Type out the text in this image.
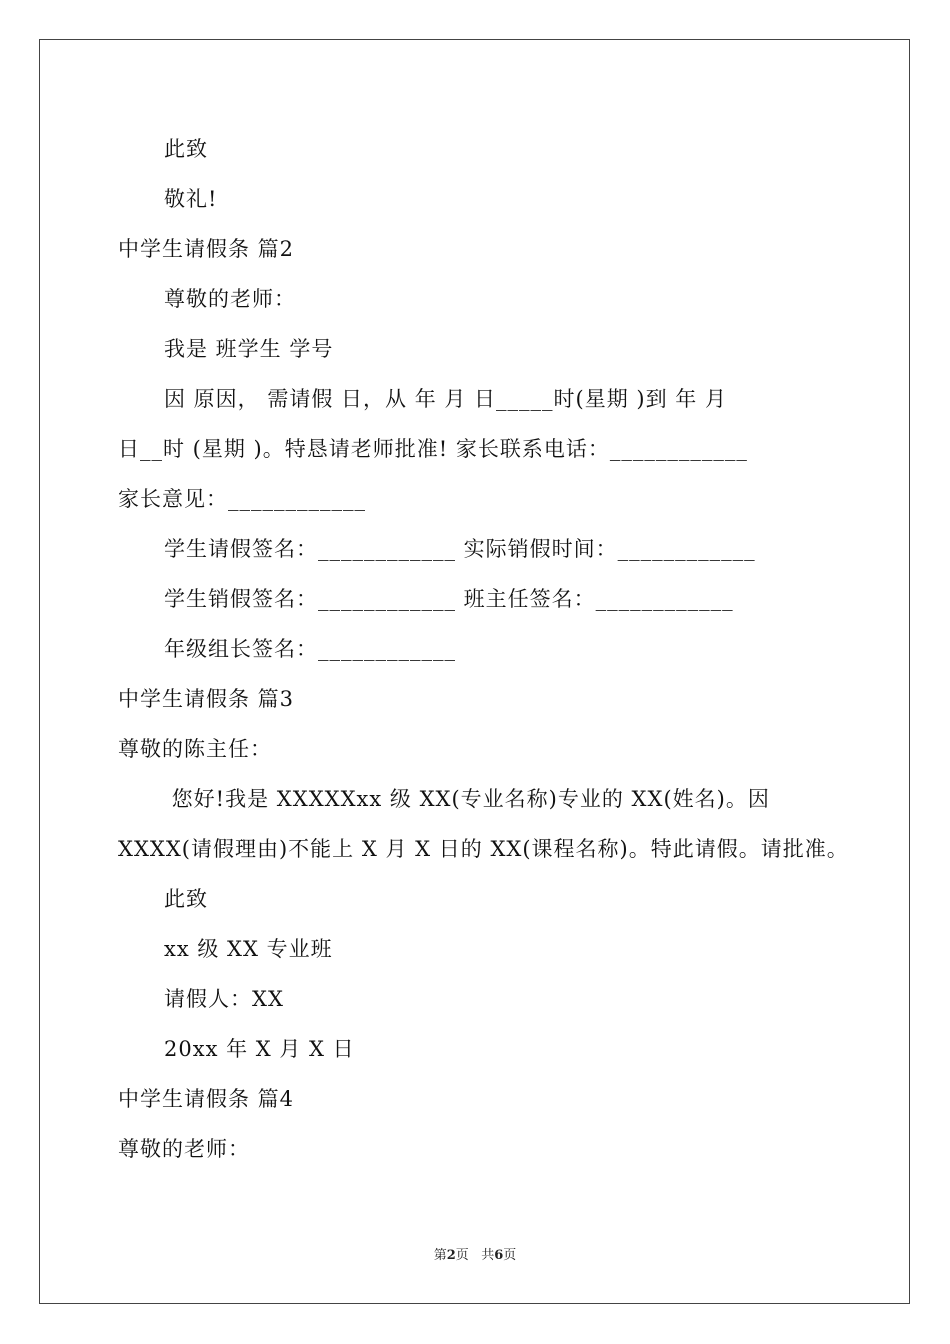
此致
敬礼!
中学生请假条 篇2
尊敬的老师：
我是 班学生 学号
因 原因， 需请假 日，从 年 月 日_____时(星期 )到 年 月
日__时 (星期 )。特恳请老师批准! 家长联系电话：____________
家长意见：____________
学生请假签名：____________ 实际销假时间：____________
学生销假签名：____________ 班主任签名：____________
年级组长签名：____________
中学生请假条 篇3
尊敬的陈主任：
您好!我是 XXXXXxx 级 XX(专业名称)专业的 XX(姓名)。因
XXXX(请假理由)不能上 X 月 X 日的 XX(课程名称)。特此请假。请批准。
此致
xx 级 XX 专业班
请假人：XX
20xx 年 X 月 X 日
中学生请假条 篇4
尊敬的老师：
第2页 共6页
